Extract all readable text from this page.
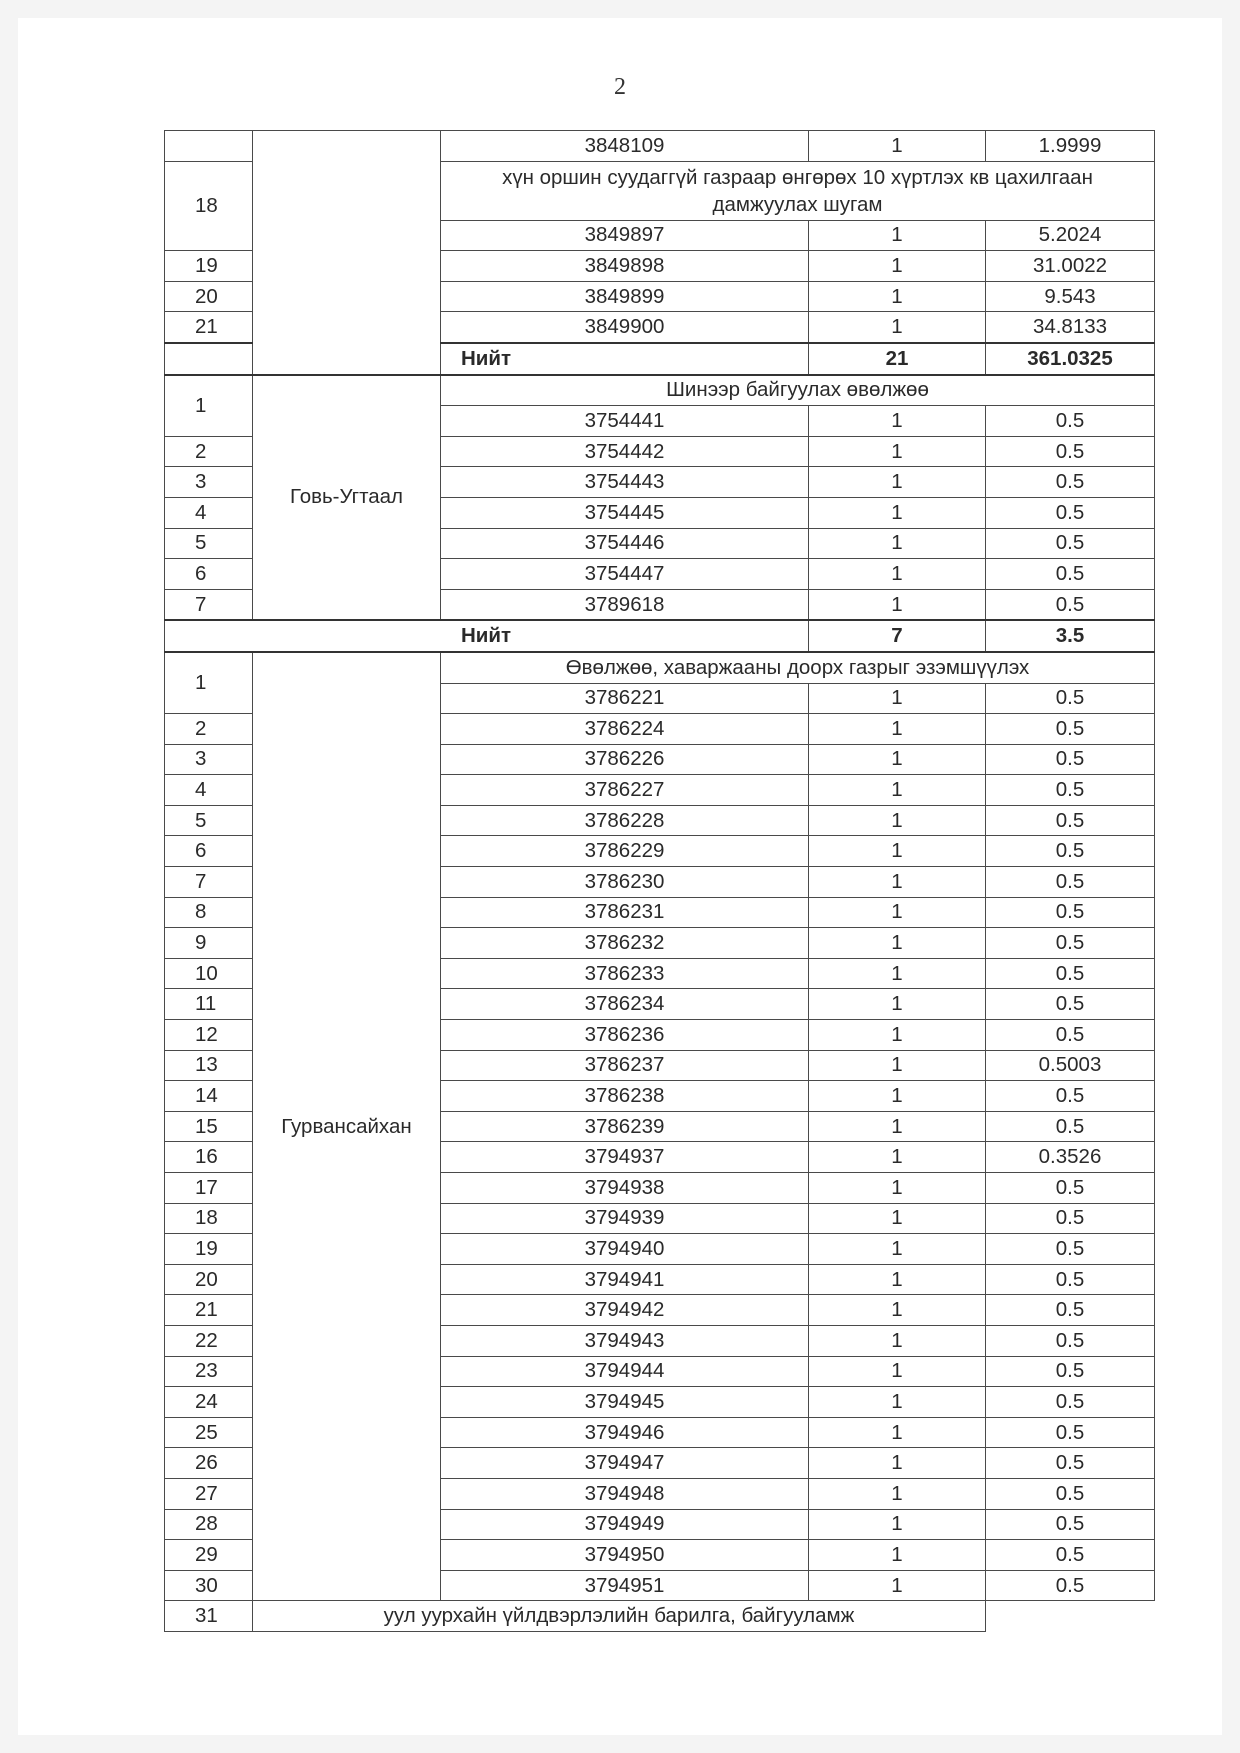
2
		3848109	1	1.9999
18		хүн оршин суудаггүй газраар өнгөрөх 10 хүртлэх кв цахилгаан дамжуулах шугам		
		3849897	1	5.2024
19		3849898	1	31.0022
20		3849899	1	9.543
21		3849900	1	34.8133
Нийт			21	361.0325
1	Говь-Угтаал	Шинээр байгуулах өвөлжөө		
		3754441	1	0.5
2		3754442	1	0.5
3		3754443	1	0.5
4		3754445	1	0.5
5		3754446	1	0.5
6		3754447	1	0.5
7		3789618	1	0.5
Нийт			7	3.5
1	Гурвансайхан	Өвөлжөө, хаваржааны доорх газрыг эзэмшүүлэх		
		3786221	1	0.5
2		3786224	1	0.5
3		3786226	1	0.5
4		3786227	1	0.5
5		3786228	1	0.5
6		3786229	1	0.5
7		3786230	1	0.5
8		3786231	1	0.5
9		3786232	1	0.5
10		3786233	1	0.5
11		3786234	1	0.5
12		3786236	1	0.5
13		3786237	1	0.5003
14		3786238	1	0.5
15		3786239	1	0.5
16		3794937	1	0.3526
17		3794938	1	0.5
18		3794939	1	0.5
19		3794940	1	0.5
20		3794941	1	0.5
21		3794942	1	0.5
22		3794943	1	0.5
23		3794944	1	0.5
24		3794945	1	0.5
25		3794946	1	0.5
26		3794947	1	0.5
27		3794948	1	0.5
28		3794949	1	0.5
29		3794950	1	0.5
30		3794951	1	0.5
31	уул уурхайн үйлдвэрлэлийн барилга, байгууламж			
